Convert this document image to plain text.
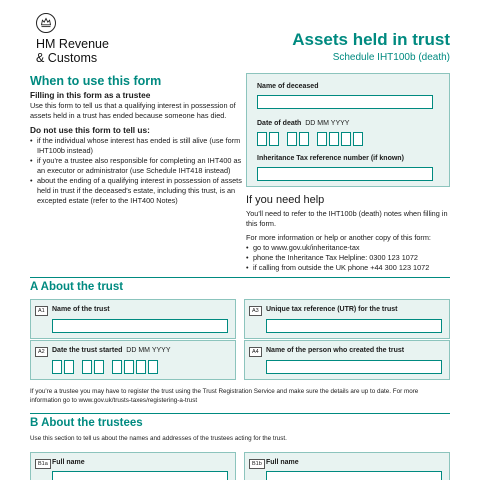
HM Revenue
& Customs
Assets held in trust
Schedule IHT100b (death)
When to use this form
Filling in this form as a trustee
Use this form to tell us that a qualifying interest in possession of assets held in a trust has ended because someone has died.
Do not use this form to tell us:
• if the individual whose interest has ended is still alive (use form IHT100b instead)
• if you're a trustee also responsible for completing an IHT400 as an executor or administrator (use Schedule IHT418 instead)
• about the ending of a qualifying interest in possession of assets held in trust if the deceased's estate, including this trust, is an excepted estate (refer to the IHT400 Notes)
Name of deceased
Date of death DD MM YYYY
Inheritance Tax reference number (if known)
If you need help
You'll need to refer to the IHT100b (death) notes when filling in this form.
For more information or help or another copy of this form:
• go to www.gov.uk/inheritance-tax
• phone the Inheritance Tax Helpline: 0300 123 1072
• if calling from outside the UK phone +44 300 123 1072
A About the trust
A1	Name of the trust	A3	Unique tax reference (UTR) for the trust
A2	Date the trust started DD MM YYYY	A4	Name of the person who created the trust
If you're a trustee you may have to register the trust using the Trust Registration Service and make sure the details are up to date. For more information go to www.gov.uk/trusts-taxes/registering-a-trust
B About the trustees
Use this section to tell us about the names and addresses of the trustees acting for the trust.
B1a Full name	B1b Full name
